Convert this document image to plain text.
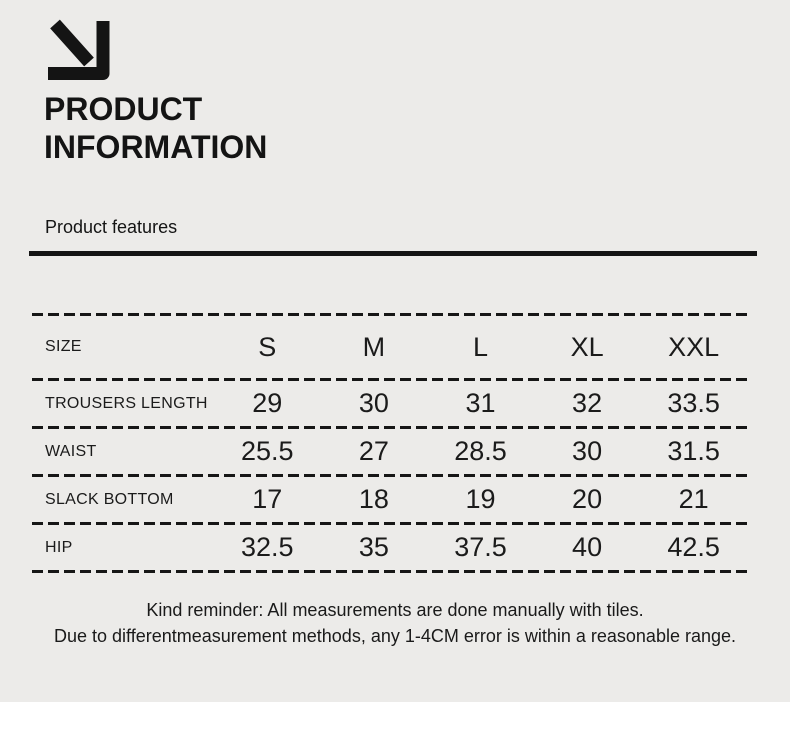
PRODUCT INFORMATION
Product features
SIZE	S	M	L	XL	XXL
TROUSERS LENGTH	29	30	31	32	33.5
WAIST	25.5	27	28.5	30	31.5
SLACK BOTTOM	17	18	19	20	21
HIP	32.5	35	37.5	40	42.5
Kind reminder: All measurements are done manually with tiles.
Due to differentmeasurement methods, any 1-4CM error is within a reasonable range.
